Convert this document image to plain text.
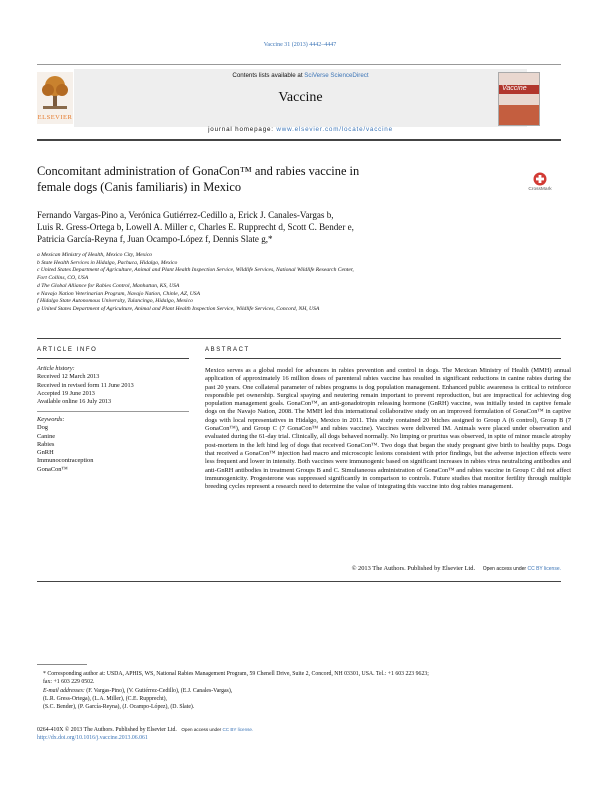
Vaccine 31 (2013) 4442–4447
ELSEVIER
Contents lists available at SciVerse ScienceDirect
Vaccine
journal homepage: www.elsevier.com/locate/vaccine
Vaccine
Concomitant administration of GonaCon™ and rabies vaccine in
female dogs (Canis familiaris) in Mexico	CrossMark
Fernando Vargas-Pino a, Verónica Gutiérrez-Cedillo a, Erick J. Canales-Vargas b,
Luis R. Gress-Ortega b, Lowell A. Miller c, Charles E. Rupprecht d, Scott C. Bender e,
Patricia García-Reyna f, Juan Ocampo-López f, Dennis Slate g,*
a Mexican Ministry of Health, Mexico City, Mexico
b State Health Services in Hidalgo, Pachuca, Hidalgo, Mexico
c United States Department of Agriculture, Animal and Plant Health Inspection Service, Wildlife Services, National Wildlife Research Center,
Fort Collins, CO, USA
d The Global Alliance for Rabies Control, Manhattan, KS, USA
e Navajo Nation Veterinarian Program, Navajo Nation, Chinle, AZ, USA
f Hidalgo State Autonomous University, Tulancingo, Hidalgo, Mexico
g United States Department of Agriculture, Animal and Plant Health Inspection Service, Wildlife Services, Concord, NH, USA
ARTICLE INFO
Article history:
Received 12 March 2013
Received in revised form 11 June 2013
Accepted 19 June 2013
Available online 16 July 2013
Keywords:
Dog
Canine
Rabies
GnRH
Immunocontraception
GonaCon™
ABSTRACT
Mexico serves as a global model for advances in rabies prevention and control in dogs. The Mexican Ministry of Health (MMH) annual application of approximately 16 million doses of parenteral rabies vaccine has resulted in significant reductions in canine rabies during the past 20 years. One collateral parameter of rabies programs is dog population management. Enhanced public awareness is critical to reinforce responsible pet ownership. Surgical spaying and neutering remain important to prevent reproduction, but are impractical for achieving dog population management goals. GonaCon™, an anti-gonadotropin releasing hormone (GnRH) vaccine, was initially tested in captive female dogs on the Navajo Nation, 2008. The MMH led this international collaborative study on an improved formulation of GonaCon™ in captive dogs with local representatives in Hidalgo, Mexico in 2011. This study contained 20 bitches assigned to Group A (6 control), Group B (7 GonaCon™), and Group C (7 GonaCon™ and rabies vaccine). Vaccines were delivered IM. Animals were placed under observation and evaluated during the 61-day trial. Clinically, all dogs behaved normally. No limping or pruritus was observed, in spite of minor muscle atrophy post-mortem in the left hind leg of dogs that received GonaCon™. Two dogs that began the study pregnant give birth to healthy pups. Dogs that received a GonaCon™ injection had macro and microscopic lesions consistent with prior findings, but the adverse injection effects were less frequent and lower in intensity. Both vaccines were immunogenic based on significant increases in rabies virus neutralizing antibodies and anti-GnRH antibodies in treatment Groups B and C. Simultaneous administration of GonaCon™ and rabies vaccine in Group C did not affect immunogenicity. Progesterone was suppressed significantly in comparison to controls. Future studies that monitor fertility through multiple breeding cycles represent a research need to determine the value of integrating this vaccine into dog rabies management.
© 2013 The Authors. Published by Elsevier Ltd. Open access under CC BY license.
* Corresponding author at: USDA, APHIS, WS, National Rabies Management Program, 59 Chenell Drive, Suite 2, Concord, NH 03301, USA. Tel.: +1 603 223 9623;
fax: +1 603 229 0502.
E-mail addresses: (F. Vargas-Pino), (V. Gutiérrez-Cedillo), (E.J. Canales-Vargas),
(L.R. Gress-Ortega), (L.A. Miller), (C.E. Rupprecht),
(S.C. Bender), (P. García-Reyna), (J. Ocampo-López), (D. Slate).
0264-410X © 2013 The Authors. Published by Elsevier Ltd. Open access under CC BY license.
http://dx.doi.org/10.1016/j.vaccine.2013.06.061
